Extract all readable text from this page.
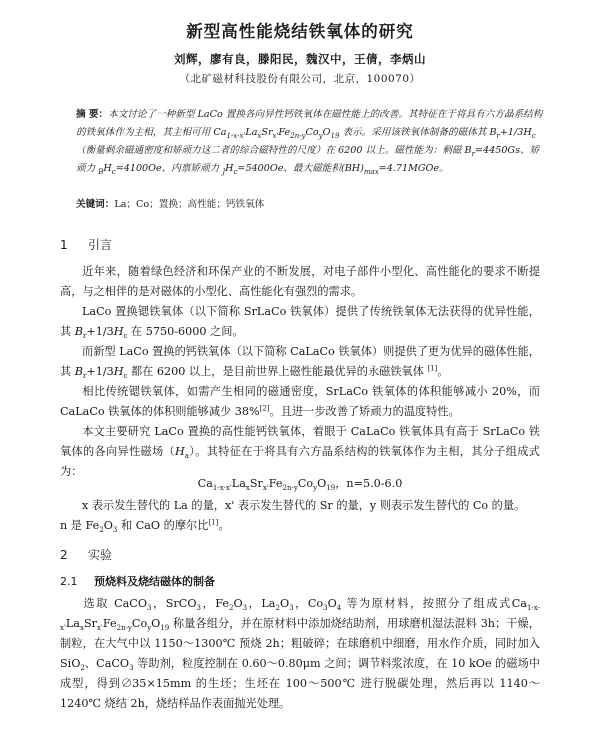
新型高性能烧结铁氧体的研究
刘辉，廖有良，滕阳民，魏汉中，王倩，李炳山
（北矿磁材科技股份有限公司，北京，100070）
摘 要：本文讨论了一种新型 LaCo 置换各向异性钙铁氧体在磁性能上的改善。其特征在于将具有六方晶系结构的铁氧体作为主相，其主相可用 $Ca_{1-x-x'}La_xSr_{x'}Fe_{2n-y}Co_yO_{19}$ 表示。采用该铁氧体制备的磁体其 $B_r+1/3H_c$（衡量剩余磁通密度和矫顽力这二者的综合磁特性的尺度）在 6200 以上。磁性能为：剩磁 $B_r=4450Gs$、矫顽力 $_BH_c=4100Oe$、内禀矫顽力 $_JH_c=5400Oe$、最大磁能积$(BH)_{max}=4.71MGOe$。
关键词：La；Co；置换；高性能；钙铁氧体
1 引言
近年来，随着绿色经济和环保产业的不断发展，对电子部件小型化、高性能化的要求不断提高，与之相伴的是对磁体的小型化、高性能化有强烈的需求。
LaCo 置换锶铁氧体（以下简称 SrLaCo 铁氧体）提供了传统铁氧体无法获得的优异性能，其 $B_r+1/3H_c$ 在 5750-6000 之间。
而新型 LaCo 置换的钙铁氧体（以下简称 CaLaCo 铁氧体）则提供了更为优异的磁体性能，其 $B_r+1/3H_c$ 都在 6200 以上，是目前世界上磁性能最优异的永磁铁氧体 [1]。
相比传统锶铁氧体，如需产生相同的磁通密度，SrLaCo 铁氧体的体积能够减小 20%，而 CaLaCo 铁氧体的体积则能够减少 38%[2]。且进一步改善了矫顽力的温度特性。
本文主要研究 LaCo 置换的高性能钙铁氧体，着眼于 CaLaCo 铁氧体具有高于 SrLaCo 铁氧体的各向异性磁场$(H_a)$。其特征在于将具有六方晶系结构的铁氧体作为主相，其分子组成式为：
$Ca_{1-x-x'}La_xSr_{x'}Fe_{2n-y}Co_yO_{19}$，n=5.0-6.0
x 表示发生替代的 La 的量，x' 表示发生替代的 Sr 的量，y 则表示发生替代的 Co 的量。
n 是 $Fe_2O_3$ 和 CaO 的摩尔比[1]。
2 实验
2.1 预烧料及烧结磁体的制备
选取 CaCO$_3$，SrCO$_3$，$Fe_2O_3$，$La_2O_3$，$Co_3O_4$ 等为原材料，按照分了组成式$Ca_{1-x-x'}La_xSr_{x'}Fe_{2n-y}Co_yO_{19}$ 称量各组分，并在原材料中添加烧结助剂，用球磨机湿法混料 3h；干燥，制粒，在大气中以 1150～1300℃ 预烧 2h；粗破碎；在球磨机中细磨，用水作介质，同时加入 SiO$_2$、CaCO$_3$ 等助剂，粒度控制在 0.60～0.80μm 之间；调节料浆浓度，在 10 kOe 的磁场中成型，得到∅35×15mm 的生坯；生坯在 100～500℃ 进行脱碳处理，然后再以 1140～1240℃ 烧结 2h，烧结样品作表面抛光处理。
